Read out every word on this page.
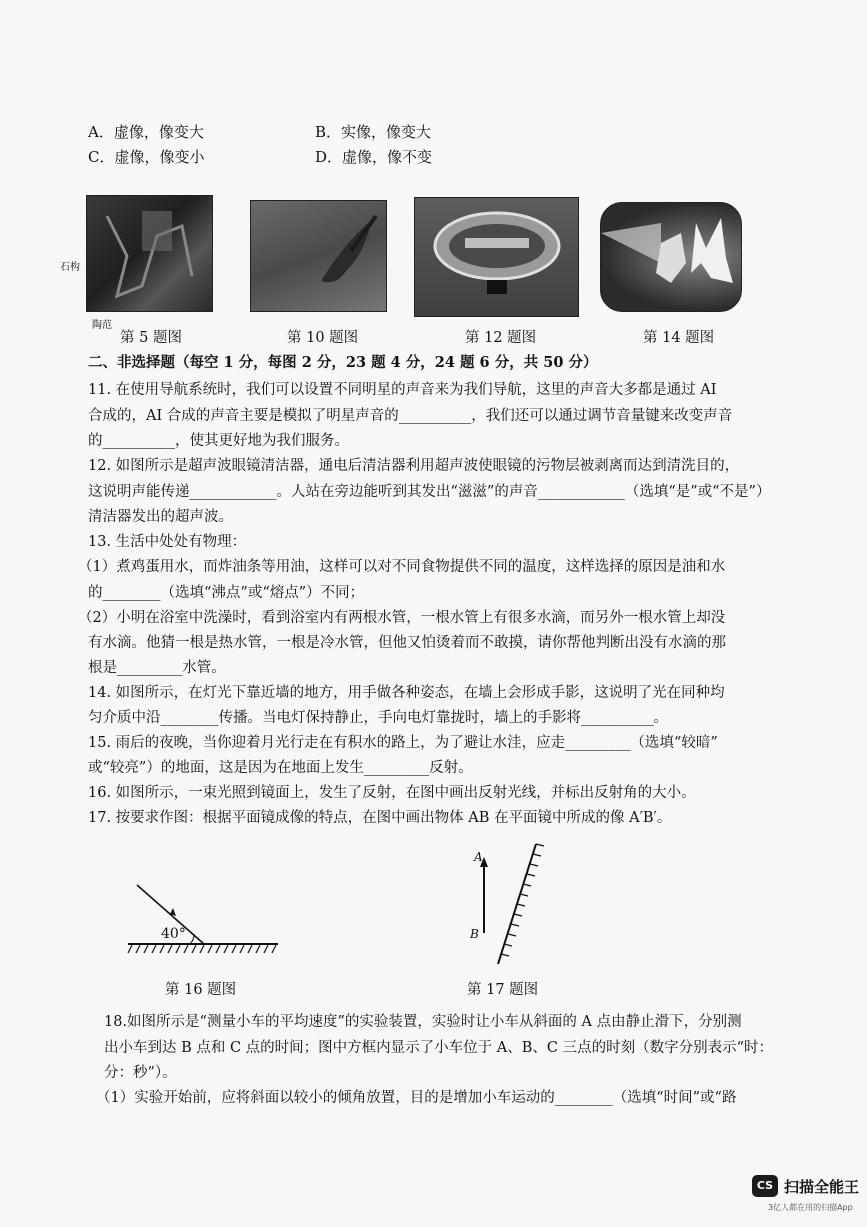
A．虚像，像变大	B．实像，像变大
C．虚像，像变小	D．虚像，像不变
石构
陶范
第 5 题图	第 10 题图	第 12 题图	第 14 题图
二、非选择题（每空 1 分，每图 2 分，23 题 4 分，24 题 6 分，共 50 分）
11. 在使用导航系统时，我们可以设置不同明星的声音来为我们导航，这里的声音大多都是通过 AI
合成的，AI 合成的声音主要是模拟了明星声音的__________，我们还可以通过调节音量键来改变声音
的__________，使其更好地为我们服务。
12. 如图所示是超声波眼镜清洁器，通电后清洁器利用超声波使眼镜的污物层被剥离而达到清洗目的，
这说明声能传递____________。人站在旁边能听到其发出“滋滋”的声音____________（选填“是”或“不是”）
清洁器发出的超声波。
13. 生活中处处有物理：
（1）煮鸡蛋用水，而炸油条等用油，这样可以对不同食物提供不同的温度，这样选择的原因是油和水
的________（选填“沸点”或“熔点”）不同；
（2）小明在浴室中洗澡时，看到浴室内有两根水管，一根水管上有很多水滴，而另外一根水管上却没
有水滴。他猜一根是热水管，一根是冷水管，但他又怕烫着而不敢摸，请你帮他判断出没有水滴的那
根是_________水管。
14. 如图所示，在灯光下靠近墙的地方，用手做各种姿态，在墙上会形成手影，这说明了光在同种均
匀介质中沿________传播。当电灯保持静止，手向电灯靠拢时，墙上的手影将__________。
15. 雨后的夜晚，当你迎着月光行走在有积水的路上，为了避让水洼，应走_________（选填“较暗”
或“较亮”）的地面，这是因为在地面上发生_________反射。
16. 如图所示，一束光照到镜面上，发生了反射，在图中画出反射光线，并标出反射角的大小。
17. 按要求作图：根据平面镜成像的特点，在图中画出物体 AB 在平面镜中所成的像 A′B′。
40°
第 16 题图
A
B
第 17 题图
18.如图所示是“测量小车的平均速度”的实验装置，实验时让小车从斜面的 A 点由静止滑下，分别测
出小车到达 B 点和 C 点的时间；图中方框内显示了小车位于 A、B、C 三点的时刻（数字分别表示“时：
分：秒”）。
（1）实验开始前，应将斜面以较小的倾角放置，目的是增加小车运动的________（选填“时间”或“路
CS 扫描全能王
3亿人都在用的扫描App
